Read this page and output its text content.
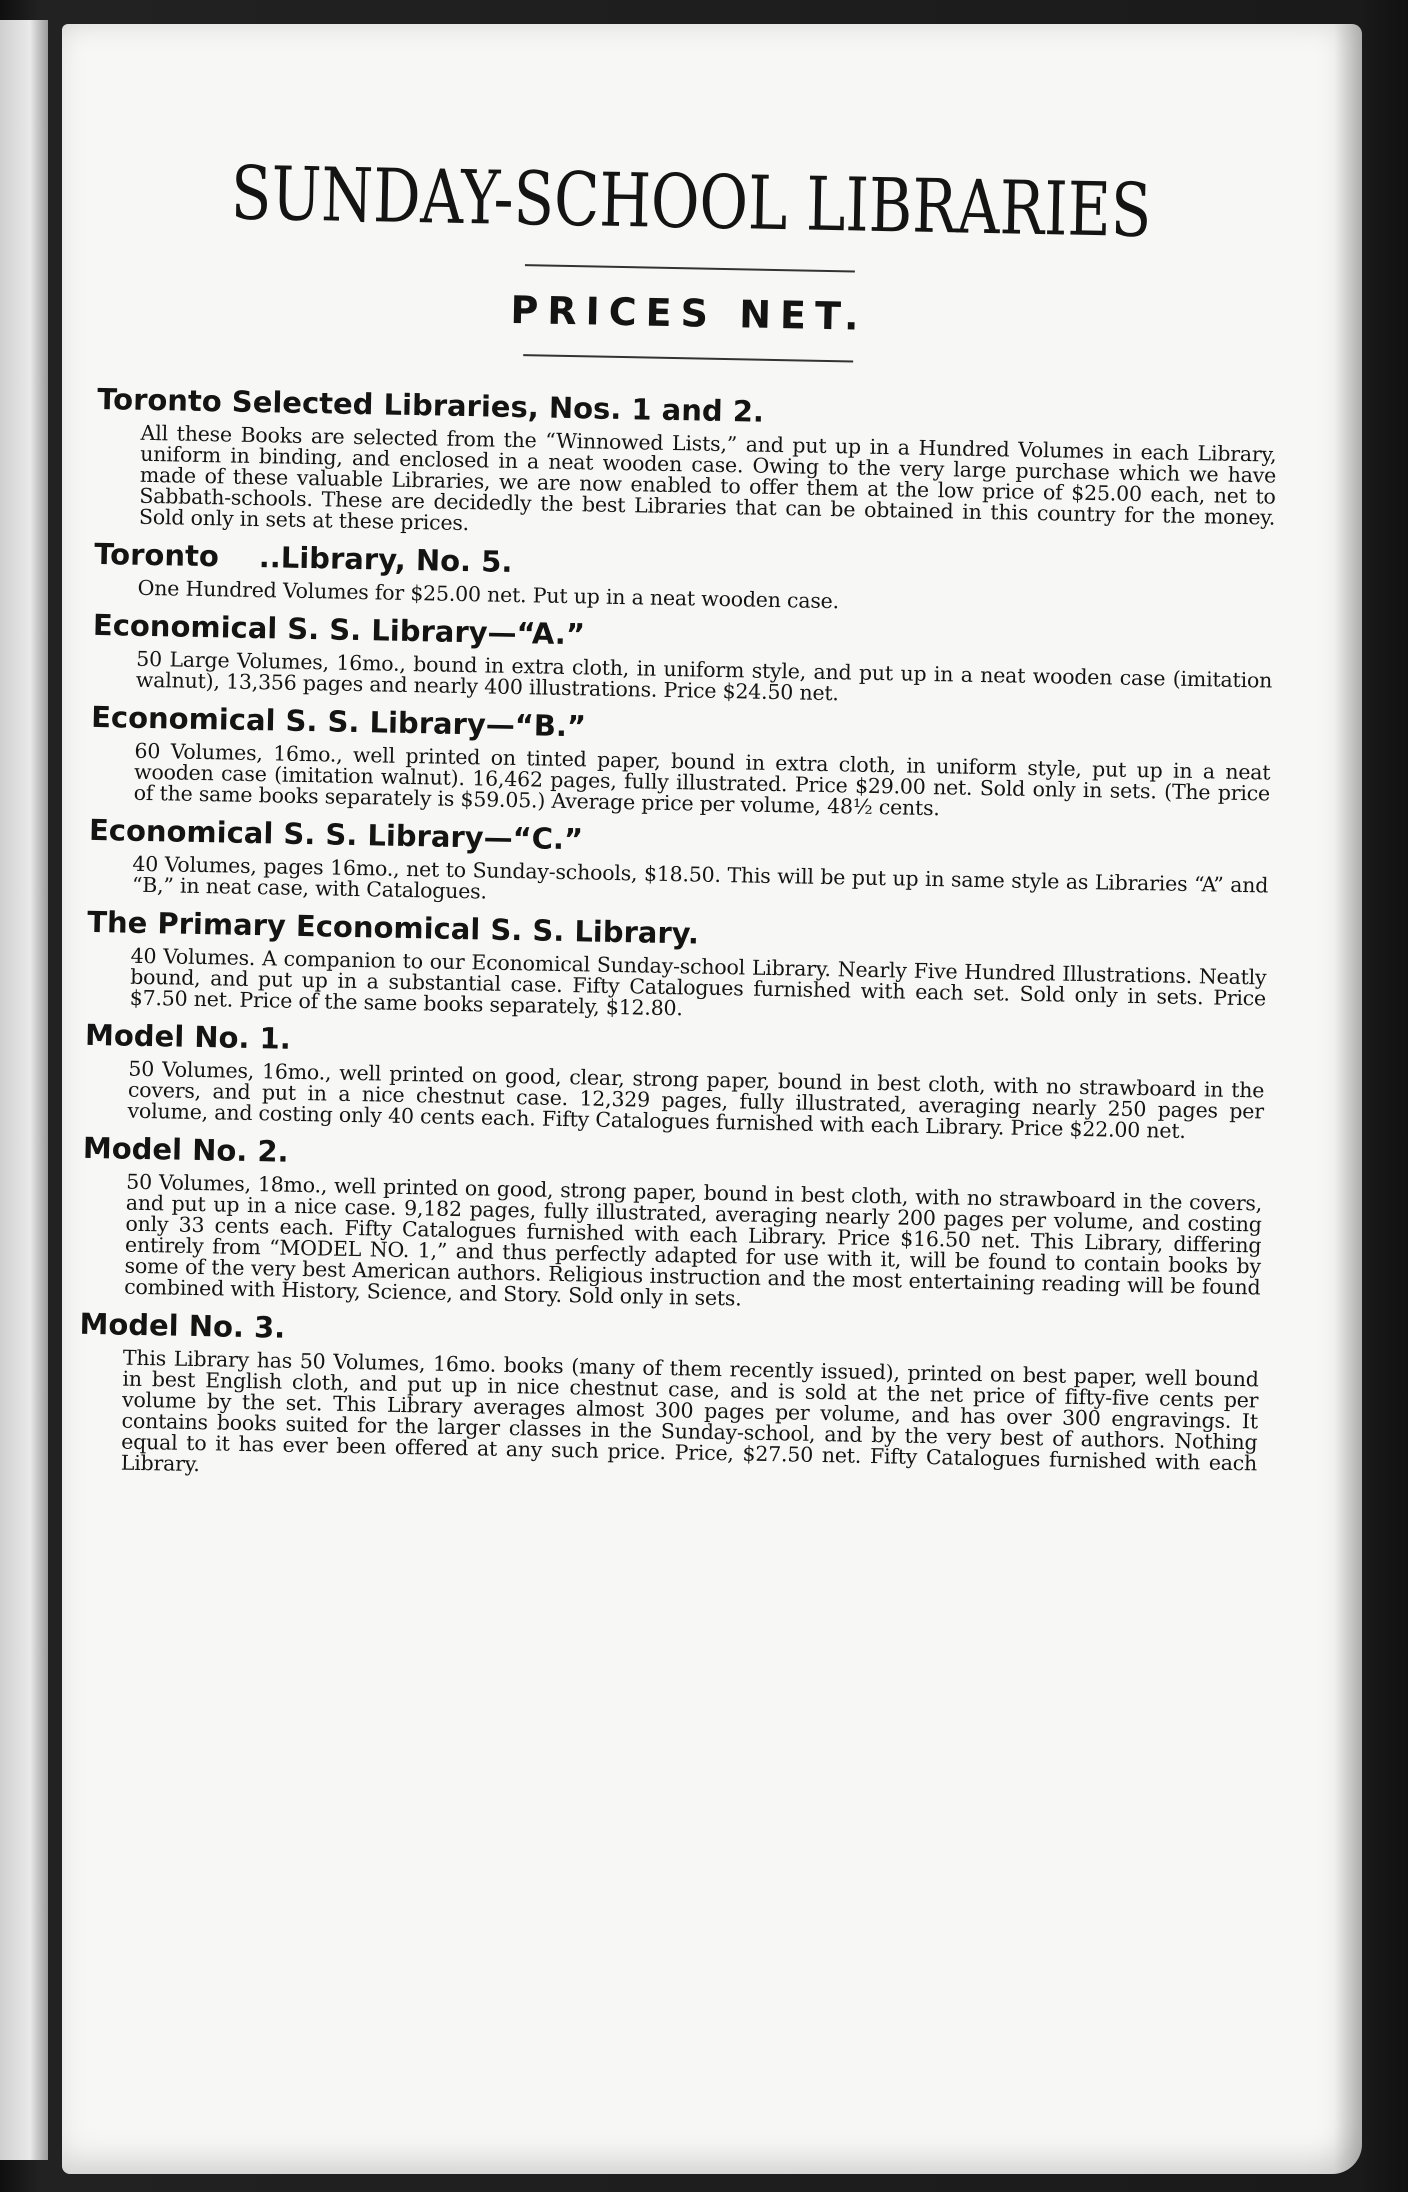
SUNDAY-SCHOOL LIBRARIES
PRICES NET.
Toronto Selected Libraries, Nos. 1 and 2.

All these Books are selected from the “Winnowed Lists,” and put up in a Hundred Volumes in each Library, uniform in binding, and enclosed in a neat wooden case. Owing to the very large purchase which we have made of these valuable Libraries, we are now enabled to offer them at the low price of $25.00 each, net to Sabbath-schools. These are decidedly the best Libraries that can be obtained in this country for the money. Sold only in sets at these prices.

Toronto ..Library, No. 5.

One Hundred Volumes for $25.00 net. Put up in a neat wooden case.

Economical S. S. Library—“A.”

50 Large Volumes, 16mo., bound in extra cloth, in uniform style, and put up in a neat wooden case (imitation walnut), 13,356 pages and nearly 400 illustrations. Price $24.50 net.

Economical S. S. Library—“B.”

60 Volumes, 16mo., well printed on tinted paper, bound in extra cloth, in uniform style, put up in a neat wooden case (imitation walnut). 16,462 pages, fully illustrated. Price $29.00 net. Sold only in sets. (The price of the same books separately is $59.05.) Average price per volume, 48½ cents.

Economical S. S. Library—“C.”

40 Volumes, pages 16mo., net to Sunday-schools, $18.50. This will be put up in same style as Libraries “A” and “B,” in neat case, with Catalogues.

The Primary Economical S. S. Library.

40 Volumes. A companion to our Economical Sunday-school Library. Nearly Five Hundred Illustrations. Neatly bound, and put up in a substantial case. Fifty Catalogues furnished with each set. Sold only in sets. Price $7.50 net. Price of the same books separately, $12.80.

Model No. 1.

50 Volumes, 16mo., well printed on good, clear, strong paper, bound in best cloth, with no strawboard in the covers, and put in a nice chestnut case. 12,329 pages, fully illustrated, averaging nearly 250 pages per volume, and costing only 40 cents each. Fifty Catalogues furnished with each Library. Price $22.00 net.

Model No. 2.

50 Volumes, 18mo., well printed on good, strong paper, bound in best cloth, with no strawboard in the covers, and put up in a nice case. 9,182 pages, fully illustrated, averaging nearly 200 pages per volume, and costing only 33 cents each. Fifty Catalogues furnished with each Library. Price $16.50 net. This Library, differing entirely from “MODEL NO. 1,” and thus perfectly adapted for use with it, will be found to contain books by some of the very best American authors. Religious instruction and the most entertaining reading will be found combined with History, Science, and Story. Sold only in sets.

Model No. 3.

This Library has 50 Volumes, 16mo. books (many of them recently issued), printed on best paper, well bound in best English cloth, and put up in nice chestnut case, and is sold at the net price of fifty-five cents per volume by the set. This Library averages almost 300 pages per volume, and has over 300 engravings. It contains books suited for the larger classes in the Sunday-school, and by the very best of authors. Nothing equal to it has ever been offered at any such price. Price, $27.50 net. Fifty Catalogues furnished with each Library.
